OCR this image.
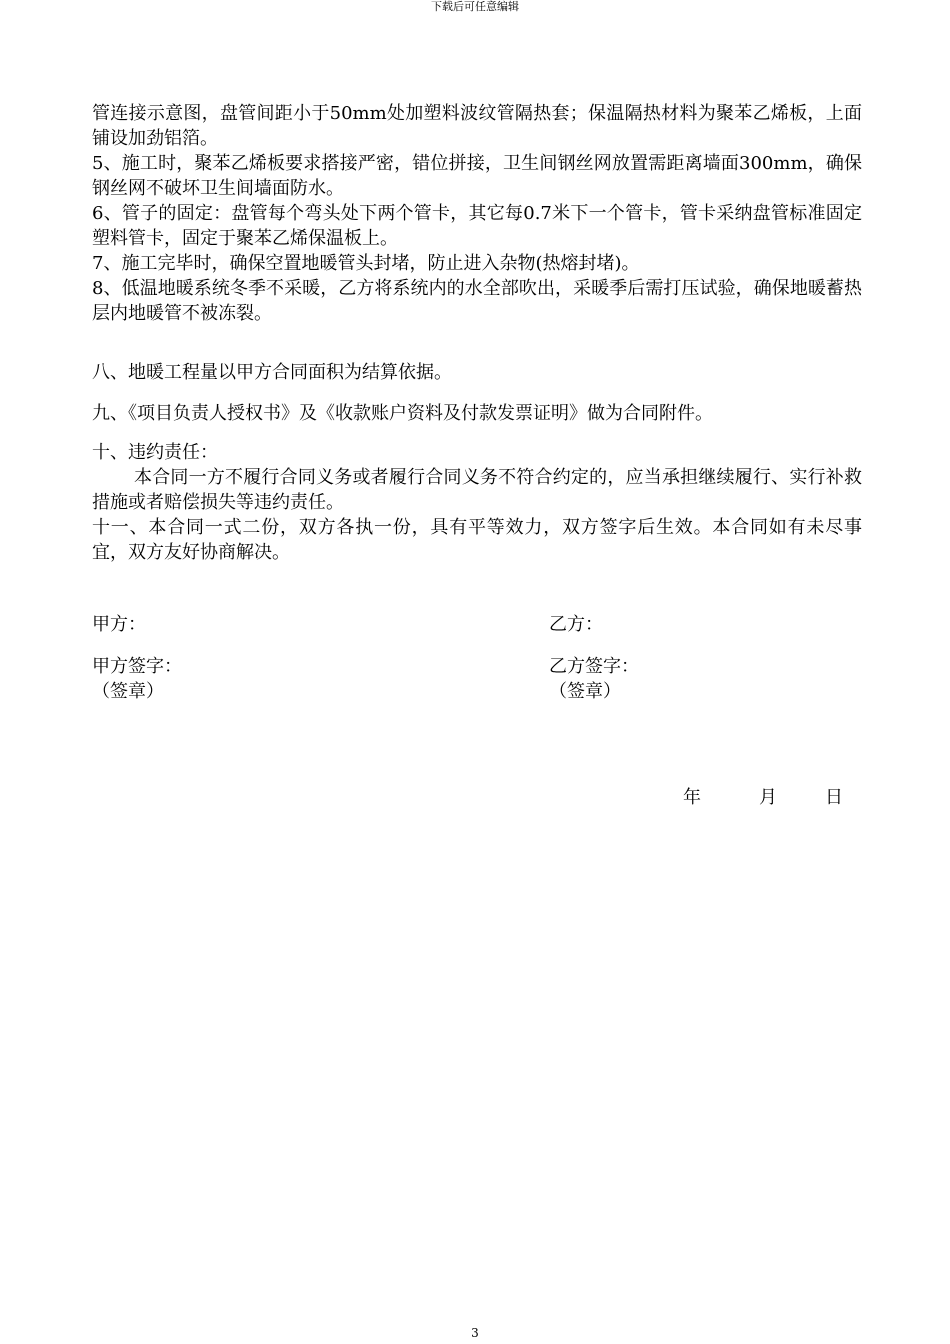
下载后可任意编辑

管连接示意图，盘管间距小于50mm处加塑料波纹管隔热套；保温隔热材料为聚苯乙烯板，上面铺设加劲铝箔。

5、施工时，聚苯乙烯板要求搭接严密，错位拼接，卫生间钢丝网放置需距离墙面300mm，确保钢丝网不破坏卫生间墙面防水。

6、管子的固定：盘管每个弯头处下两个管卡，其它每0.7米下一个管卡，管卡采纳盘管标准固定塑料管卡，固定于聚苯乙烯保温板上。

7、施工完毕时，确保空置地暖管头封堵，防止进入杂物(热熔封堵)。

8、低温地暖系统冬季不采暖，乙方将系统内的水全部吹出，采暖季后需打压试验，确保地暖蓄热层内地暖管不被冻裂。

八、地暖工程量以甲方合同面积为结算依据。

九、《项目负责人授权书》及《收款账户资料及付款发票证明》做为合同附件。

十、违约责任：

本合同一方不履行合同义务或者履行合同义务不符合约定的，应当承担继续履行、实行补救措施或者赔偿损失等违约责任。

十一、本合同一式二份，双方各执一份，具有平等效力，双方签字后生效。本合同如有未尽事宜，双方友好协商解决。

甲方：	乙方：
甲方签字：	乙方签字：
（签章）	（签章）
年	月	日
3
